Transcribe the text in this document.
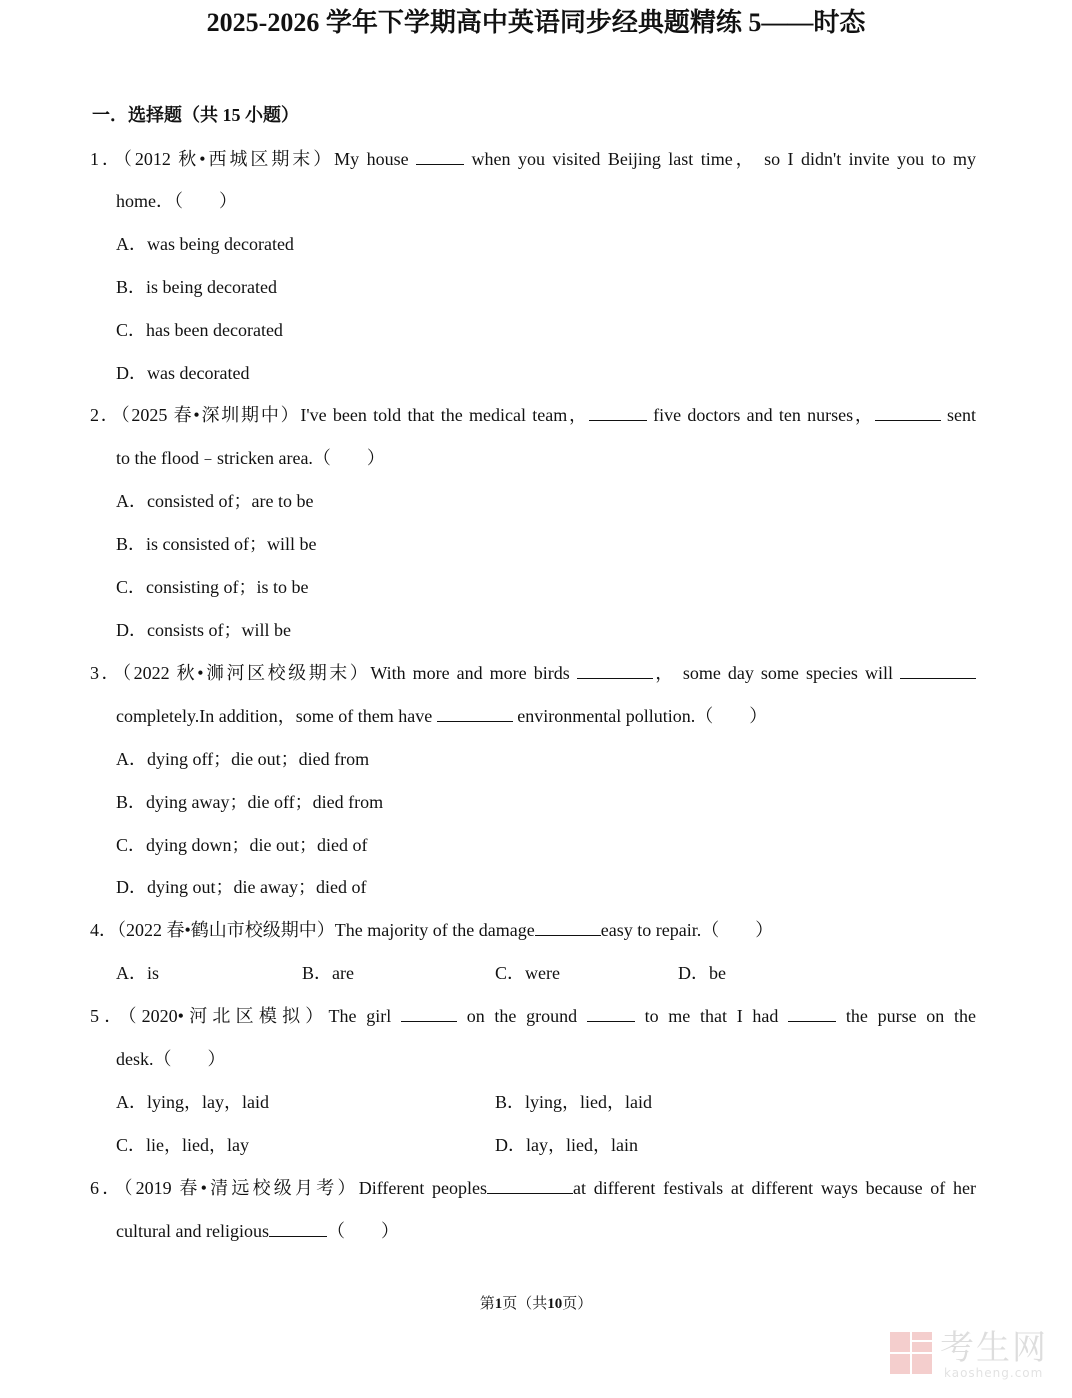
2025-2026 学年下学期高中英语同步经典题精练 5——时态
一．选择题（共 15 小题）
1．（2012 秋•西城区期末）My house	when you visited Beijing last time， so I didn't invite you to my
home．（　　）
A．was being decorated
B．is being decorated
C．has been decorated
D．was decorated
2．（2025 春•深圳期中）I've been told that the medical team，	five doctors and ten nurses，	sent
to the flood﹣stricken area.（　　）
A．consisted of；are to be
B．is consisted of；will be
C．consisting of；is to be
D．consists of；will be
3．（2022 秋•浉河区校级期末）With more and more birds	， some day some species will
completely.In addition，some of them have	environmental pollution.（　　）
A．dying off；die out；died from
B．dying away；die off；died from
C．dying down；die out；died of
D．dying out；die away；died of
4．（2022 春•鹤山市校级期中）The majority of the damage	easy to repair.（　　）
A．is	B．are	C．were	D．be
5．（2020•河北区模拟）The girl	on the ground	to me that I had	the purse on the
desk.（　　）
A．lying，lay，laid	B．lying，lied，laid
C．lie，lied，lay	D．lay，lied，lain
6．（2019 春•清远校级月考）Different peoples	at different festivals at different ways because of her
cultural and religious	（　　）
第1页（共10页）
考生网
kaosheng.com
